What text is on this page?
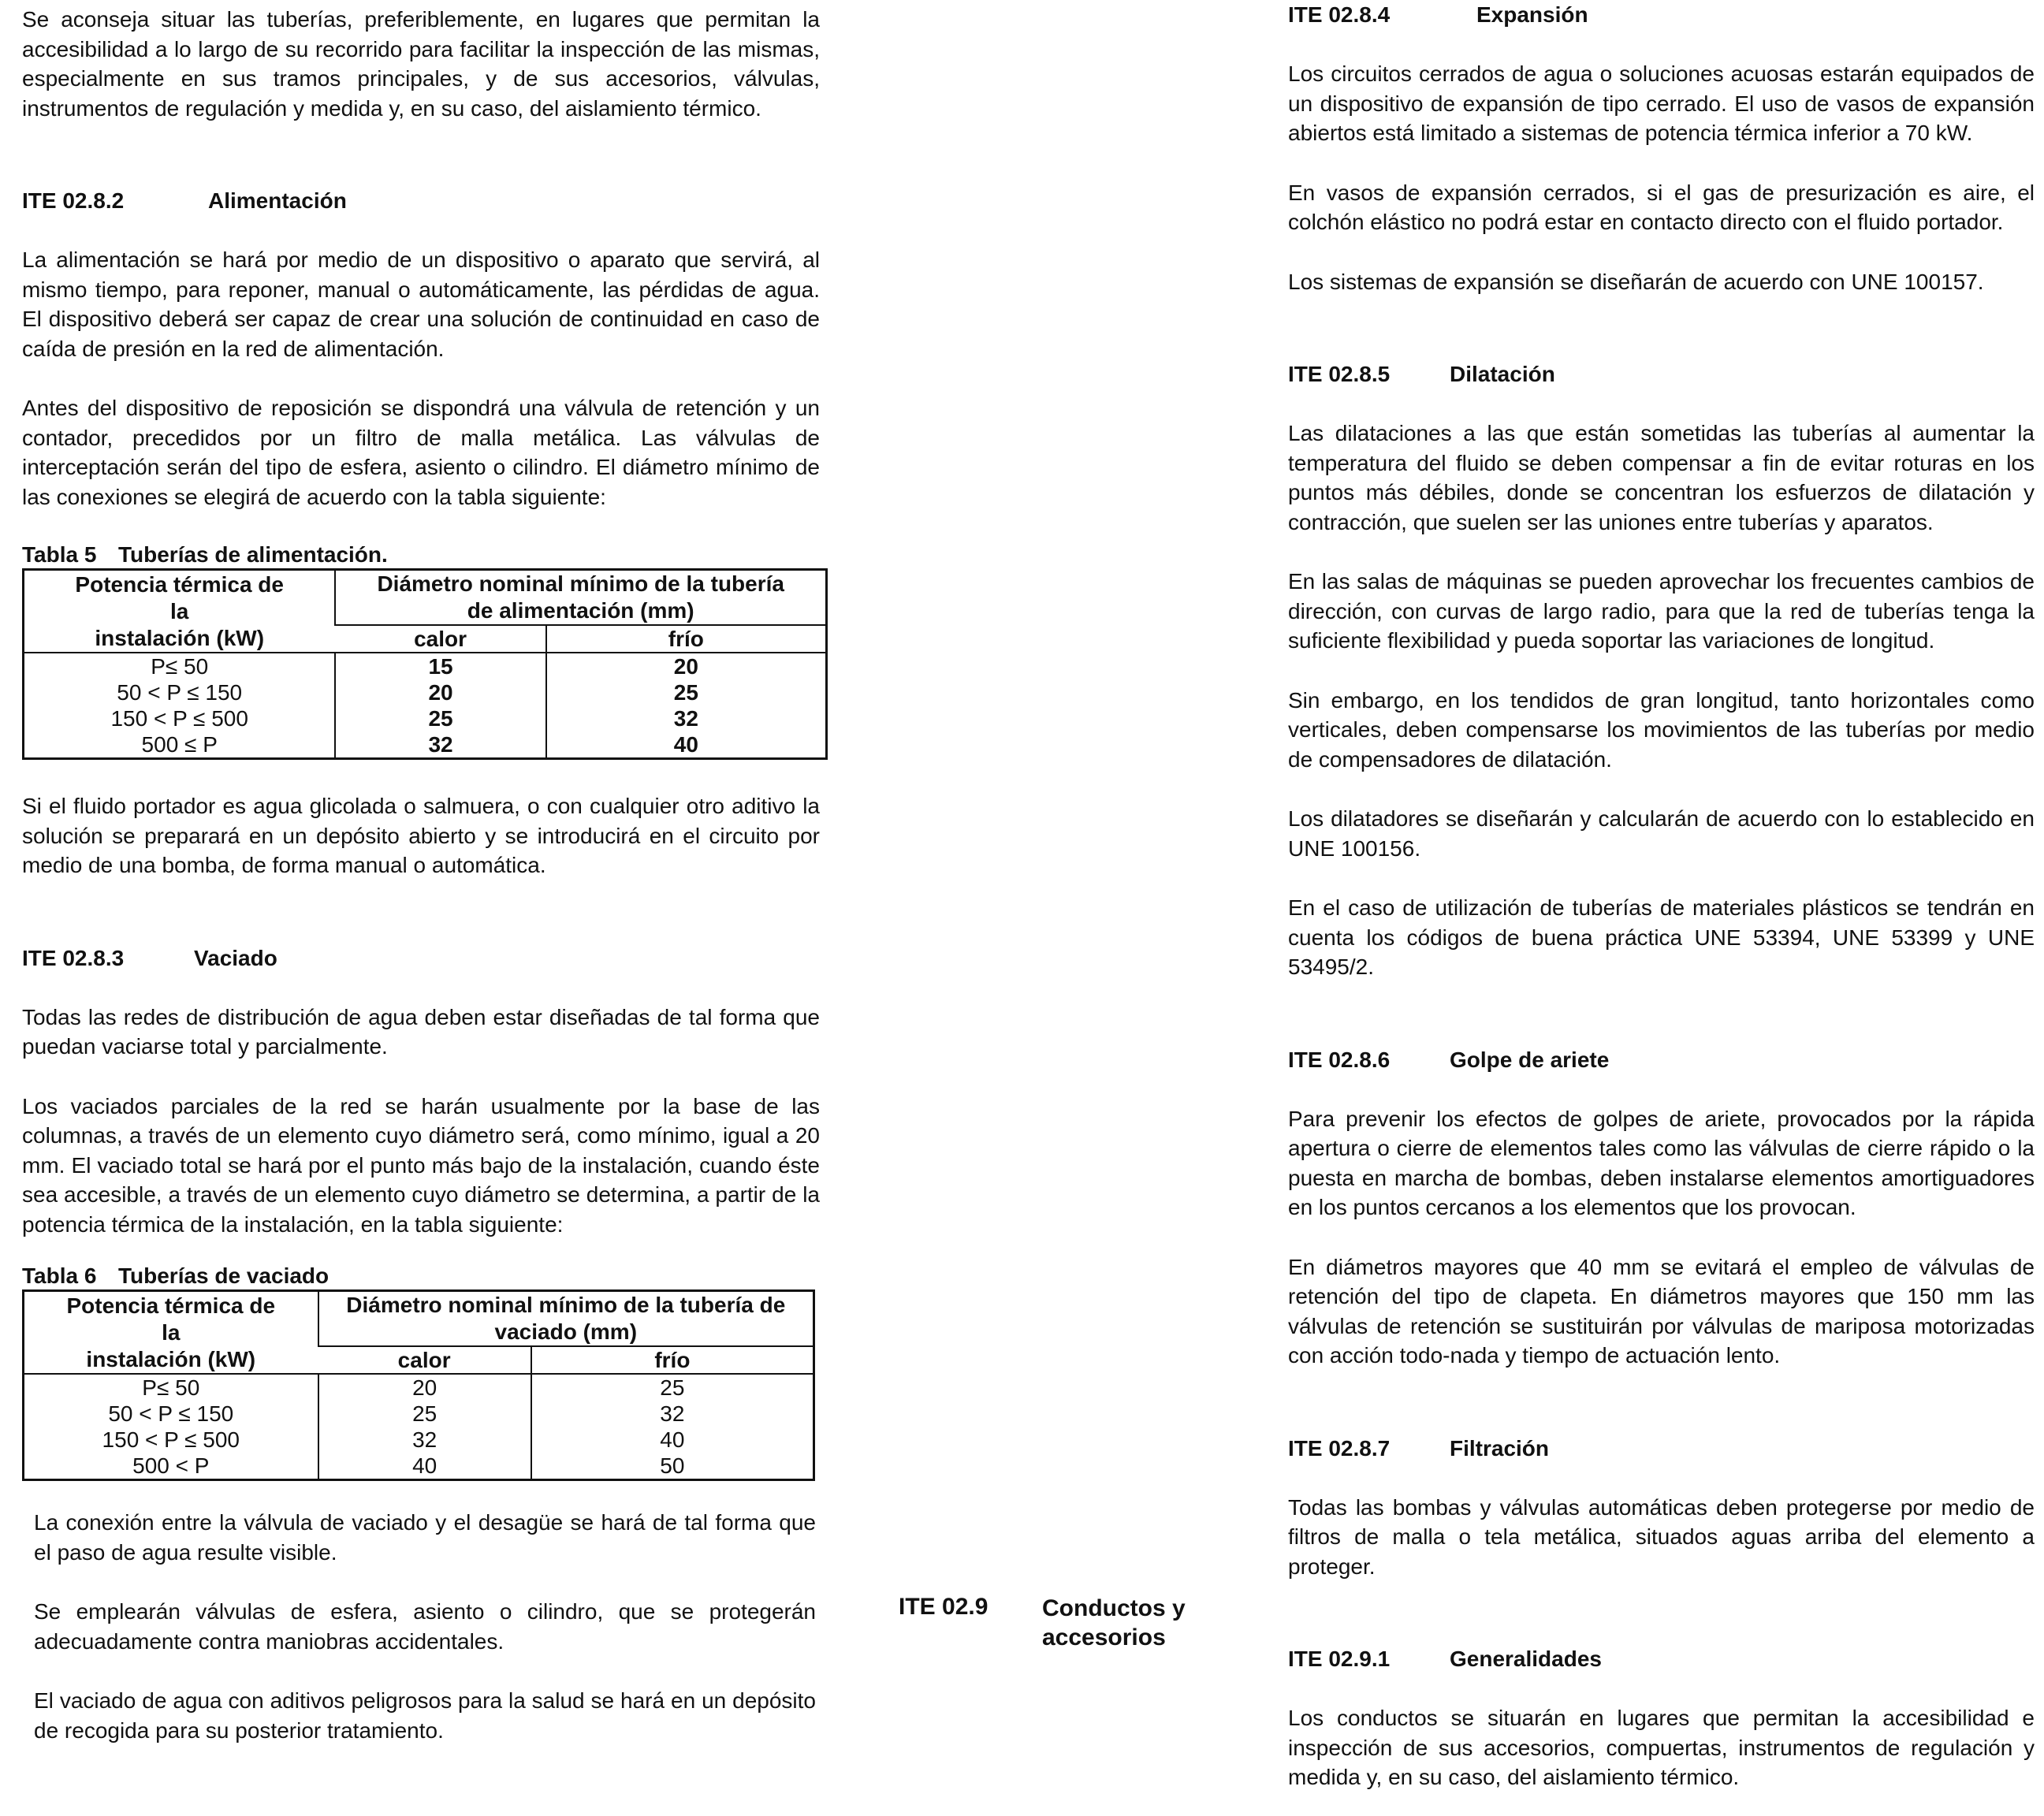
Se aconseja situar las tuberías, preferiblemente, en lugares que permitan la accesibilidad a lo largo de su recorrido para facilitar la inspección de las mismas, especialmente en sus tramos principales, y de sus accesorios, válvulas, instrumentos de regulación y medida y, en su caso, del aislamiento térmico.

ITE 02.8.2	Alimentación

La alimentación se hará por medio de un dispositivo o aparato que servirá, al mismo tiempo, para reponer, manual o automáticamente, las pérdidas de agua. El dispositivo deberá ser capaz de crear una solución de continuidad en caso de caída de presión en la red de alimentación.

Antes del dispositivo de reposición se dispondrá una válvula de retención y un contador, precedidos por un filtro de malla metálica. Las válvulas de interceptación serán del tipo de esfera, asiento o cilindro. El diámetro mínimo de las conexiones se elegirá de acuerdo con la tabla siguiente:

Tabla 5 Tuberías de alimentación.

Potencia térmica de
la
instalación (kW)	Diámetro nominal mínimo de la tubería
de alimentación (mm)	
	calor	frío
P≤ 50	15	20
50 < P ≤ 150	20	25
150 < P ≤ 500	25	32
500 ≤ P	32	40

Si el fluido portador es agua glicolada o salmuera, o con cualquier otro aditivo la solución se preparará en un depósito abierto y se introducirá en el circuito por medio de una bomba, de forma manual o automática.

ITE 02.8.3	Vaciado

Todas las redes de distribución de agua deben estar diseñadas de tal forma que puedan vaciarse total y parcialmente.

Los vaciados parciales de la red se harán usualmente por la base de las columnas, a través de un elemento cuyo diámetro será, como mínimo, igual a 20 mm. El vaciado total se hará por el punto más bajo de la instalación, cuando éste sea accesible, a través de un elemento cuyo diámetro se determina, a partir de la potencia térmica de la instalación, en la tabla siguiente:

Tabla 6 Tuberías de vaciado

Potencia térmica de
la
instalación (kW)	Diámetro nominal mínimo de la tubería de
vaciado (mm)	
	calor	frío
P≤ 50	20	25
50 < P ≤ 150	25	32
150 < P ≤ 500	32	40
500 < P	40	50

La conexión entre la válvula de vaciado y el desagüe se hará de tal forma que el paso de agua resulte visible.

Se emplearán válvulas de esfera, asiento o cilindro, que se protegerán adecuadamente contra maniobras accidentales.

El vaciado de agua con aditivos peligrosos para la salud se hará en un depósito de recogida para su posterior tratamiento.

ITE 02.9 Conductos y accesorios
ITE 02.8.4	Expansión

Los circuitos cerrados de agua o soluciones acuosas estarán equipados de un dispositivo de expansión de tipo cerrado. El uso de vasos de expansión abiertos está limitado a sistemas de potencia térmica inferior a 70 kW.

En vasos de expansión cerrados, si el gas de presurización es aire, el colchón elástico no podrá estar en contacto directo con el fluido portador.

Los sistemas de expansión se diseñarán de acuerdo con UNE 100157.

ITE 02.8.5	Dilatación

Las dilataciones a las que están sometidas las tuberías al aumentar la temperatura del fluido se deben compensar a fin de evitar roturas en los puntos más débiles, donde se concentran los esfuerzos de dilatación y contracción, que suelen ser las uniones entre tuberías y aparatos.

En las salas de máquinas se pueden aprovechar los frecuentes cambios de dirección, con curvas de largo radio, para que la red de tuberías tenga la suficiente flexibilidad y pueda soportar las variaciones de longitud.

Sin embargo, en los tendidos de gran longitud, tanto horizontales como verticales, deben compensarse los movimientos de las tuberías por medio de compensadores de dilatación.

Los dilatadores se diseñarán y calcularán de acuerdo con lo establecido en UNE 100156.

En el caso de utilización de tuberías de materiales plásticos se tendrán en cuenta los códigos de buena práctica UNE 53394, UNE 53399 y UNE 53495/2.

ITE 02.8.6	Golpe de ariete

Para prevenir los efectos de golpes de ariete, provocados por la rápida apertura o cierre de elementos tales como las válvulas de cierre rápido o la puesta en marcha de bombas, deben instalarse elementos amortiguadores en los puntos cercanos a los elementos que los provocan.

En diámetros mayores que 40 mm se evitará el empleo de válvulas de retención del tipo de clapeta. En diámetros mayores que 150 mm las válvulas de retención se sustituirán por válvulas de mariposa motorizadas con acción todo-nada y tiempo de actuación lento.

ITE 02.8.7	Filtración

Todas las bombas y válvulas automáticas deben protegerse por medio de filtros de malla o tela metálica, situados aguas arriba del elemento a proteger.

ITE 02.9.1	Generalidades

Los conductos se situarán en lugares que permitan la accesibilidad e inspección de sus accesorios, compuertas, instrumentos de regulación y medida y, en su caso, del aislamiento térmico.
